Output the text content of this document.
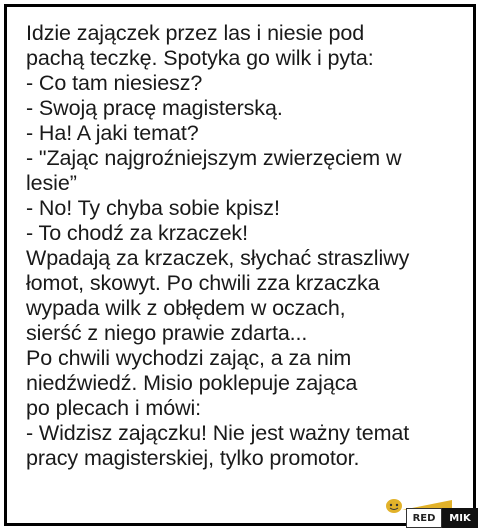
Idzie zajączek przez las i niesie pod
pachą teczkę. Spotyka go wilk i pyta:
- Co tam niesiesz?
- Swoją pracę magisterską.
- Ha! A jaki temat?
- "Zając najgroźniejszym zwierzęciem w
lesie”
- No! Ty chyba sobie kpisz!
- To chodź za krzaczek!
Wpadają za krzaczek, słychać straszliwy
łomot, skowyt. Po chwili zza krzaczka
wypada wilk z obłędem w oczach,
sierść z niego prawie zdarta...
Po chwili wychodzi zając, a za nim
niedźwiedź. Misio poklepuje zająca
po plecach i mówi:
- Widzisz zajączku! Nie jest ważny temat
pracy magisterskiej, tylko promotor.
RED	MIK
